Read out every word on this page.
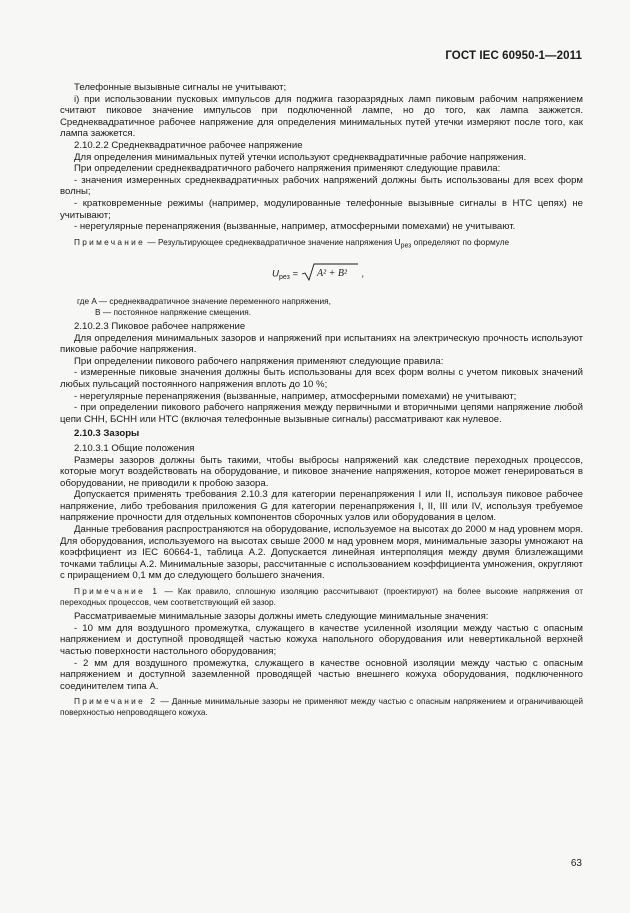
ГОСТ IEC 60950-1—2011

Телефонные вызывные сигналы не учитывают;

i) при использовании пусковых импульсов для поджига газоразрядных ламп пиковым рабочим напряжением считают пиковое значение импульсов при подключенной лампе, но до того, как лампа зажжется. Среднеквадратичное рабочее напряжение для определения минимальных путей утечки измеряют после того, как лампа зажжется.

2.10.2.2 Среднеквадратичное рабочее напряжение

Для определения минимальных путей утечки используют среднеквадратичные рабочие напряжения.

При определении среднеквадратичного рабочего напряжения применяют следующие правила:

- значения измеренных среднеквадратичных рабочих напряжений должны быть использованы для всех форм волны;

- кратковременные режимы (например, модулированные телефонные вызывные сигналы в НТС цепях) не учитывают;

- нерегулярные перенапряжения (вызванные, например, атмосферными помехами) не учитывают.

Примечание — Результирующее среднеквадратичное значение напряжения $U_{рез}$ определяют по формуле

$U_{рез} = A^2 + B^2$ ,

где A — среднеквадратичное значение переменного напряжения,

B — постоянное напряжение смещения.

2.10.2.3 Пиковое рабочее напряжение

Для определения минимальных зазоров и напряжений при испытаниях на электрическую прочность используют пиковые рабочие напряжения.

При определении пикового рабочего напряжения применяют следующие правила:

- измеренные пиковые значения должны быть использованы для всех форм волны с учетом пиковых значений любых пульсаций постоянного напряжения вплоть до 10 %;

- нерегулярные перенапряжения (вызванные, например, атмосферными помехами) не учитывают;

- при определении пикового рабочего напряжения между первичными и вторичными цепями напряжение любой цепи СНН, БСНН или НТС (включая телефонные вызывные сигналы) рассматривают как нулевое.

2.10.3 Зазоры

2.10.3.1 Общие положения

Размеры зазоров должны быть такими, чтобы выбросы напряжений как следствие переходных процессов, которые могут воздействовать на оборудование, и пиковое значение напряжения, которое может генерироваться в оборудовании, не приводили к пробою зазора.

Допускается применять требования 2.10.3 для категории перенапряжения I или II, используя пиковое рабочее напряжение, либо требования приложения G для категории перенапряжения I, II, III или IV, используя требуемое напряжение прочности для отдельных компонентов сборочных узлов или оборудования в целом.

Данные требования распространяются на оборудование, используемое на высотах до 2000 м над уровнем моря. Для оборудования, используемого на высотах свыше 2000 м над уровнем моря, минимальные зазоры умножают на коэффициент из IEC 60664-1, таблица A.2. Допускается линейная интерполяция между двумя близлежащими точками таблицы A.2. Минимальные зазоры, рассчитанные с использованием коэффициента умножения, округляют с приращением 0,1 мм до следующего большего значения.

Примечание 1 — Как правило, сплошную изоляцию рассчитывают (проектируют) на более высокие напряжения от переходных процессов, чем соответствующий ей зазор.

Рассматриваемые минимальные зазоры должны иметь следующие минимальные значения:

- 10 мм для воздушного промежутка, служащего в качестве усиленной изоляции между частью с опасным напряжением и доступной проводящей частью кожуха напольного оборудования или невертикальной верхней частью поверхности настольного оборудования;

- 2 мм для воздушного промежутка, служащего в качестве основной изоляции между частью с опасным напряжением и доступной заземленной проводящей частью внешнего кожуха оборудования, подключенного соединителем типа A.

Примечание 2 — Данные минимальные зазоры не применяют между частью с опасным напряжением и ограничивающей поверхностью непроводящего кожуха.

63
